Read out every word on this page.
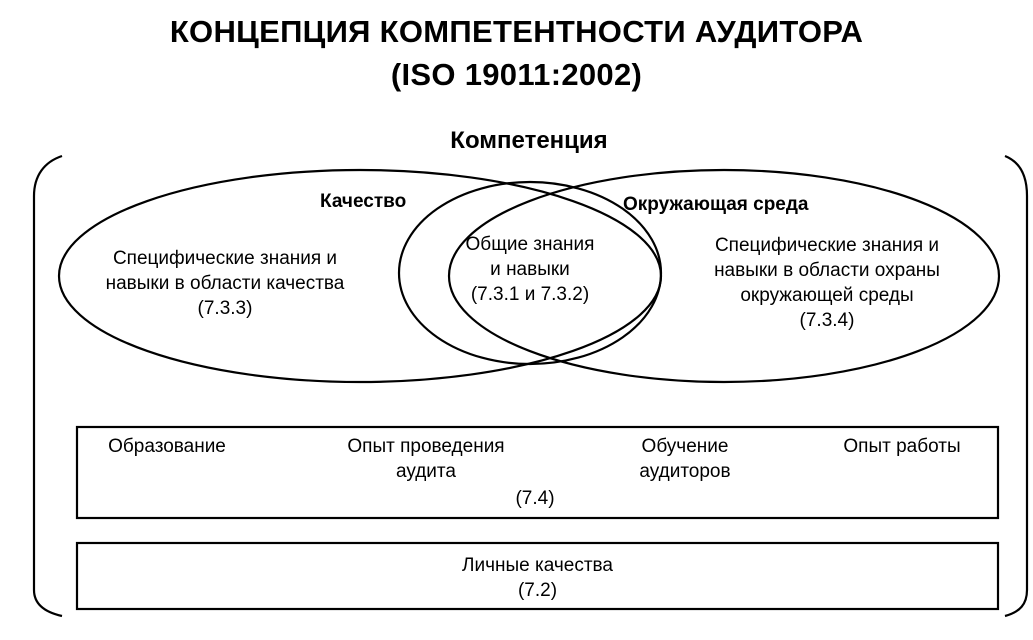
КОНЦЕПЦИЯ КОМПЕТЕНТНОСТИ АУДИТОРА
(ISO 19011:2002)
Компетенция
Качество	Окружающая среда
Специфические знания и
навыки в области качества
(7.3.3)
Общие знания
и навыки
(7.3.1 и 7.3.2)
Специфические знания и
навыки в области охраны
окружающей среды
(7.3.4)
Образование	Опыт проведения
аудита
Обучение
аудиторов
Опыт работы
(7.4)
Личные качества
(7.2)
